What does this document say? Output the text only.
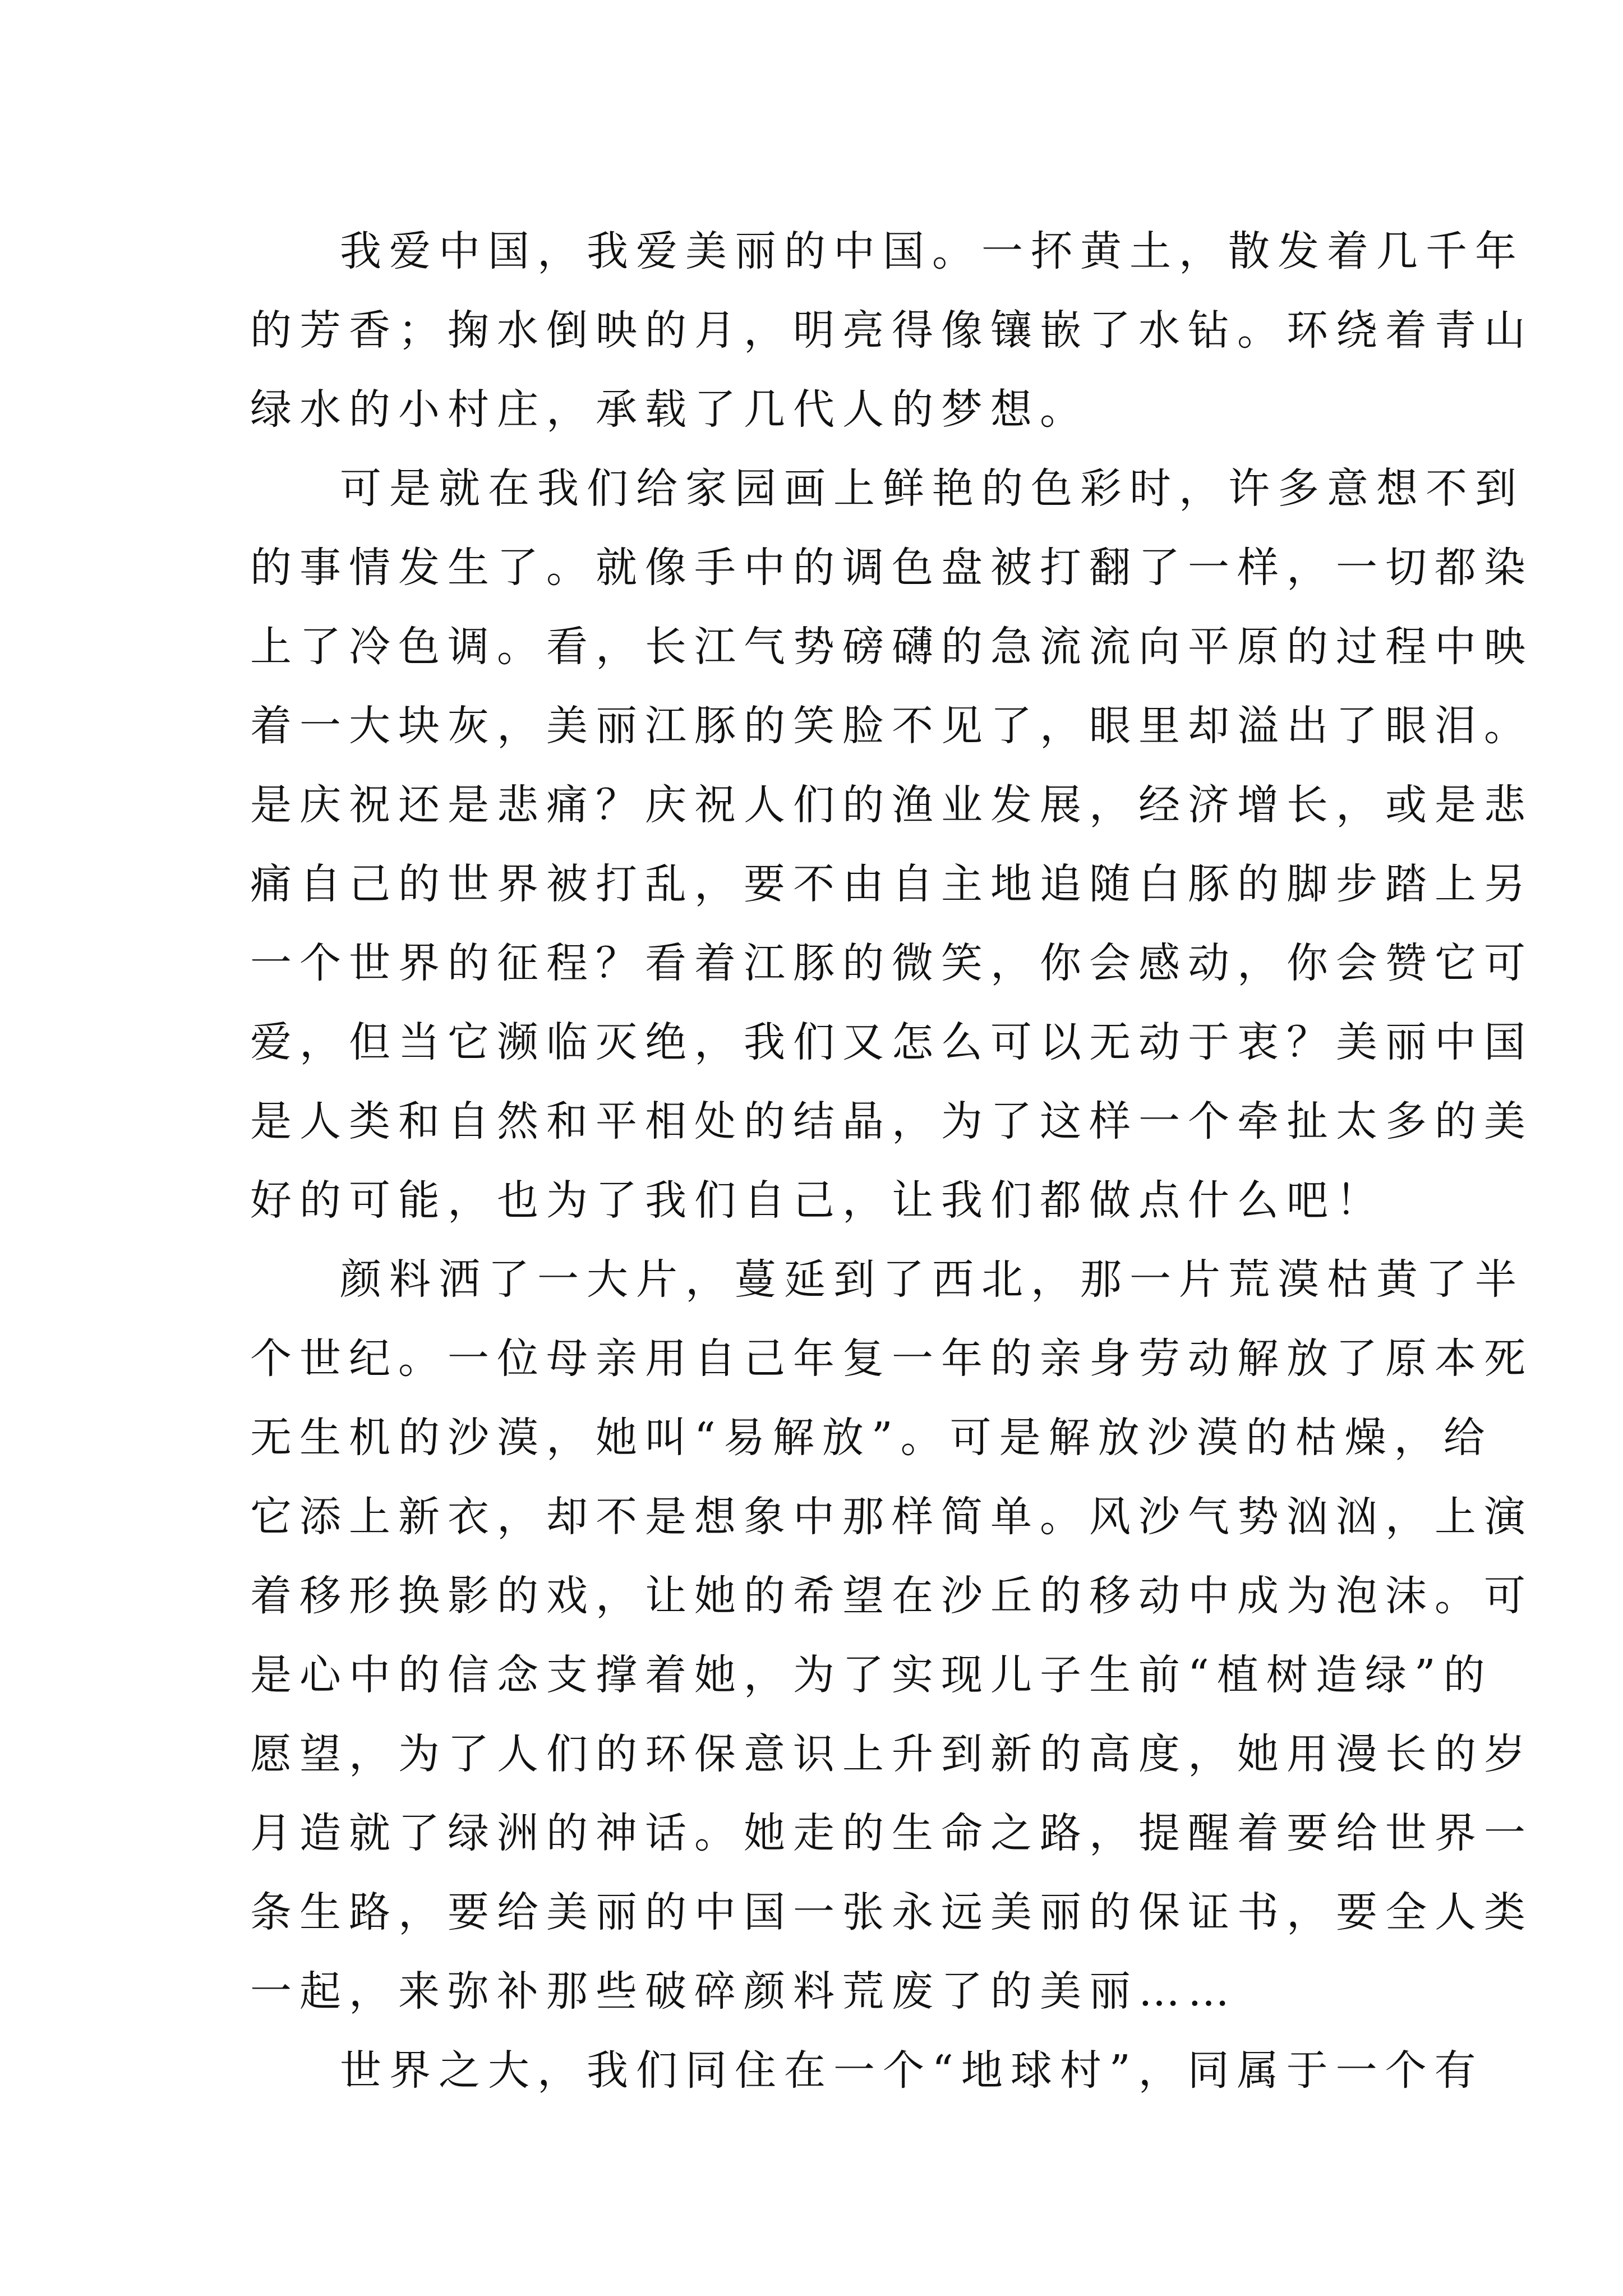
我爱中国，我爱美丽的中国。一抔黄土，散发着几千年
的芳香；掬水倒映的月，明亮得像镶嵌了水钻。环绕着青山
绿水的小村庄，承载了几代人的梦想。
可是就在我们给家园画上鲜艳的色彩时，许多意想不到
的事情发生了。就像手中的调色盘被打翻了一样，一切都染
上了冷色调。看，长江气势磅礴的急流流向平原的过程中映
着一大块灰，美丽江豚的笑脸不见了，眼里却溢出了眼泪。
是庆祝还是悲痛？庆祝人们的渔业发展，经济增长，或是悲
痛自己的世界被打乱，要不由自主地追随白豚的脚步踏上另
一个世界的征程？看着江豚的微笑，你会感动，你会赞它可
爱，但当它濒临灭绝，我们又怎么可以无动于衷？美丽中国
是人类和自然和平相处的结晶，为了这样一个牵扯太多的美
好的可能，也为了我们自己，让我们都做点什么吧！
颜料洒了一大片，蔓延到了西北，那一片荒漠枯黄了半
个世纪。一位母亲用自己年复一年的亲身劳动解放了原本死
无生机的沙漠，她叫“易解放”。可是解放沙漠的枯燥，给
它添上新衣，却不是想象中那样简单。风沙气势汹汹，上演
着移形换影的戏，让她的希望在沙丘的移动中成为泡沫。可
是心中的信念支撑着她，为了实现儿子生前“植树造绿”的
愿望，为了人们的环保意识上升到新的高度，她用漫长的岁
月造就了绿洲的神话。她走的生命之路，提醒着要给世界一
条生路，要给美丽的中国一张永远美丽的保证书，要全人类
一起，来弥补那些破碎颜料荒废了的美丽……
世界之大，我们同住在一个“地球村”，同属于一个有
